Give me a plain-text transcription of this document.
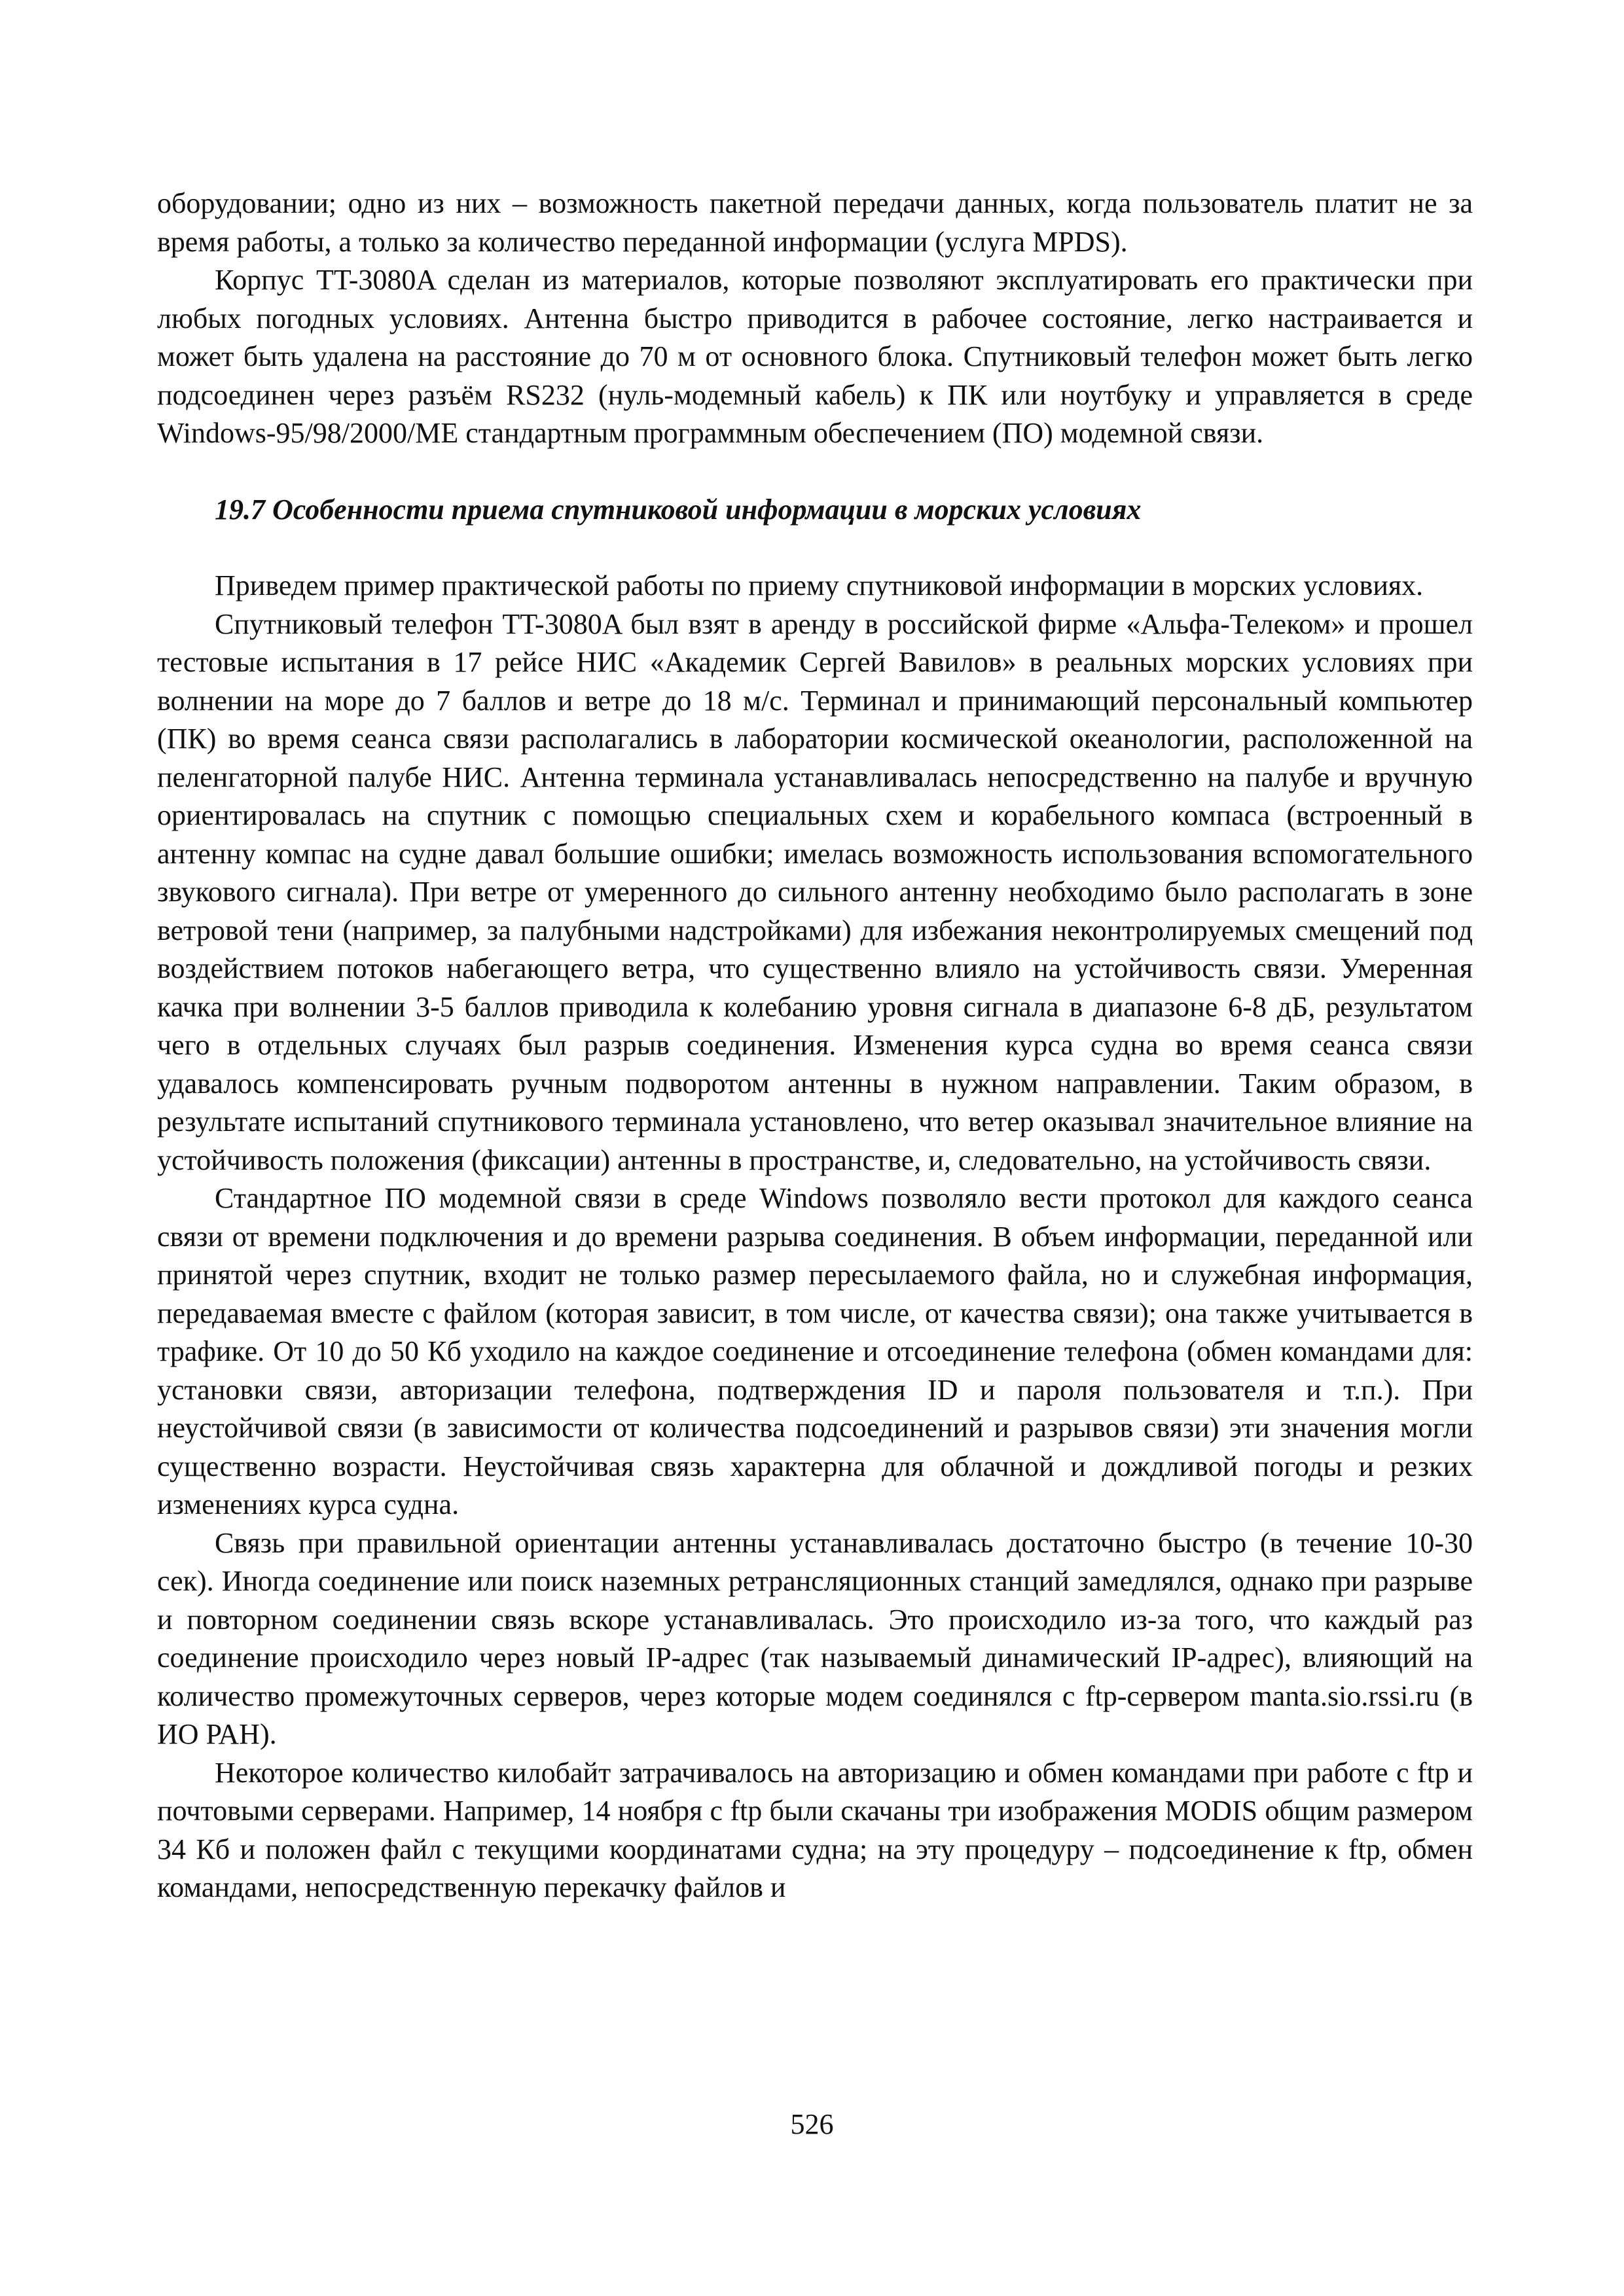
оборудовании; одно из них – возможность пакетной передачи данных, когда пользователь платит не за время работы, а только за количество переданной информации (услуга MPDS).

Корпус TT-3080A сделан из материалов, которые позволяют эксплуатировать его практически при любых погодных условиях. Антенна быстро приводится в рабочее состояние, легко настраивается и может быть удалена на расстояние до 70 м от основного блока. Спутниковый телефон может быть легко подсоединен через разъём RS232 (нуль-модемный кабель) к ПК или ноутбуку и управляется в среде Windows-95/98/2000/ME стандартным программным обеспечением (ПО) модемной связи.

19.7 Особенности приема спутниковой информации в морских условиях

Приведем пример практической работы по приему спутниковой информации в морских условиях.

Спутниковый телефон TT-3080A был взят в аренду в российской фирме «Альфа-Телеком» и прошел тестовые испытания в 17 рейсе НИС «Академик Сергей Вавилов» в реальных морских условиях при волнении на море до 7 баллов и ветре до 18 м/с. Терминал и принимающий персональный компьютер (ПК) во время сеанса связи располагались в лаборатории космической океанологии, расположенной на пеленгаторной палубе НИС. Антенна терминала устанавливалась непосредственно на палубе и вручную ориентировалась на спутник с помощью специальных схем и корабельного компаса (встроенный в антенну компас на судне давал большие ошибки; имелась возможность использования вспомогательного звукового сигнала). При ветре от умеренного до сильного антенну необходимо было располагать в зоне ветровой тени (например, за палубными надстройками) для избежания неконтролируемых смещений под воздействием потоков набегающего ветра, что существенно влияло на устойчивость связи. Умеренная качка при волнении 3-5 баллов приводила к колебанию уровня сигнала в диапазоне 6-8 дБ, результатом чего в отдельных случаях был разрыв соединения. Изменения курса судна во время сеанса связи удавалось компенсировать ручным подворотом антенны в нужном направлении. Таким образом, в результате испытаний спутникового терминала установлено, что ветер оказывал значительное влияние на устойчивость положения (фиксации) антенны в пространстве, и, следовательно, на устойчивость связи.

Стандартное ПО модемной связи в среде Windows позволяло вести протокол для каждого сеанса связи от времени подключения и до времени разрыва соединения. В объем информации, переданной или принятой через спутник, входит не только размер пересылаемого файла, но и служебная информация, передаваемая вместе с файлом (которая зависит, в том числе, от качества связи); она также учитывается в трафике. От 10 до 50 Кб уходило на каждое соединение и отсоединение телефона (обмен командами для: установки связи, авторизации телефона, подтверждения ID и пароля пользователя и т.п.). При неустойчивой связи (в зависимости от количества подсоединений и разрывов связи) эти значения могли существенно возрасти. Неустойчивая связь характерна для облачной и дождливой погоды и резких изменениях курса судна.

Связь при правильной ориентации антенны устанавливалась достаточно быстро (в течение 10-30 сек). Иногда соединение или поиск наземных ретрансляционных станций замедлялся, однако при разрыве и повторном соединении связь вскоре устанавливалась. Это происходило из-за того, что каждый раз соединение происходило через новый IP-адрес (так называемый динамический IP-адрес), влияющий на количество промежуточных серверов, через которые модем соединялся с ftp-сервером manta.sio.rssi.ru (в ИО РАН).

Некоторое количество килобайт затрачивалось на авторизацию и обмен командами при работе с ftp и почтовыми серверами. Например, 14 ноября с ftp были скачаны три изображения MODIS общим размером 34 Кб и положен файл с текущими координатами судна; на эту процедуру – подсоединение к ftp, обмен командами, непосредственную перекачку файлов и

526
